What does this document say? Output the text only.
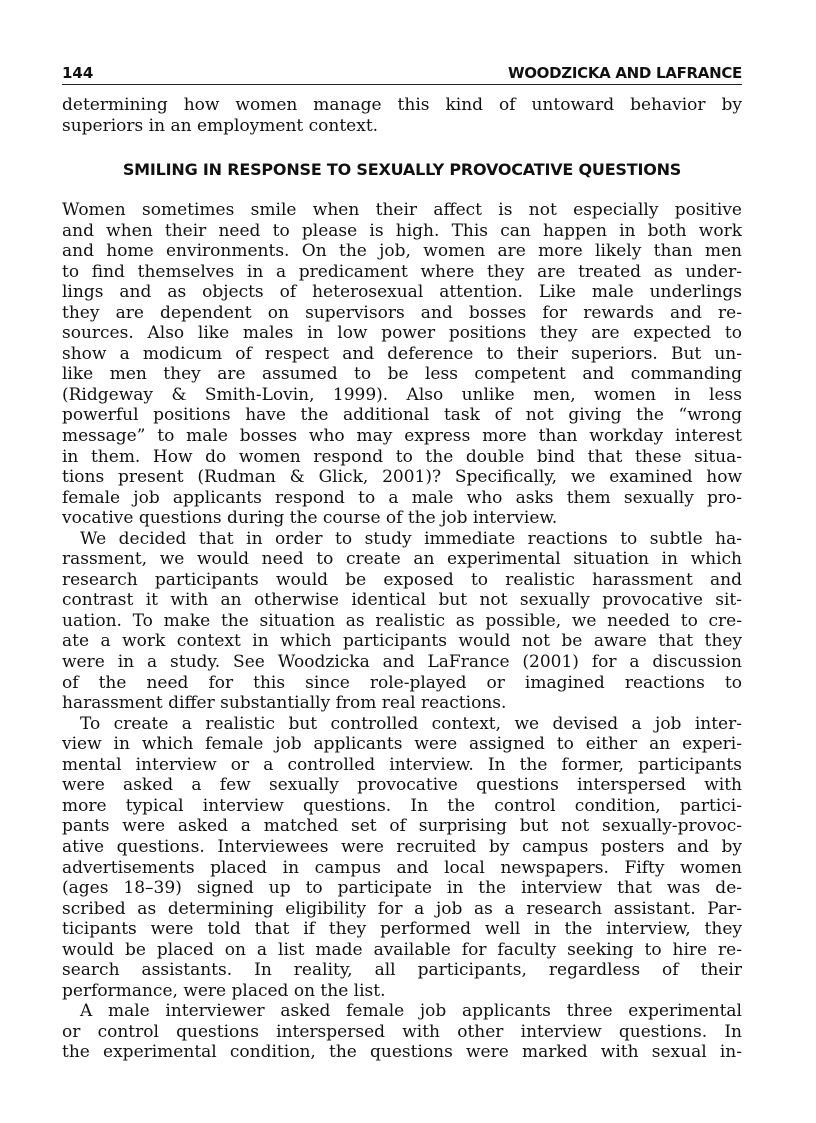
144	WOODZICKA AND LAFRANCE
determining how women manage this kind of untoward behavior by
superiors in an employment context.
SMILING IN RESPONSE TO SEXUALLY PROVOCATIVE QUESTIONS
Women sometimes smile when their affect is not especially positive
and when their need to please is high. This can happen in both work
and home environments. On the job, women are more likely than men
to find themselves in a predicament where they are treated as under-
lings and as objects of heterosexual attention. Like male underlings
they are dependent on supervisors and bosses for rewards and re-
sources. Also like males in low power positions they are expected to
show a modicum of respect and deference to their superiors. But un-
like men they are assumed to be less competent and commanding
(Ridgeway & Smith-Lovin, 1999). Also unlike men, women in less
powerful positions have the additional task of not giving the “wrong
message” to male bosses who may express more than workday interest
in them. How do women respond to the double bind that these situa-
tions present (Rudman & Glick, 2001)? Specifically, we examined how
female job applicants respond to a male who asks them sexually pro-
vocative questions during the course of the job interview.
We decided that in order to study immediate reactions to subtle ha-
rassment, we would need to create an experimental situation in which
research participants would be exposed to realistic harassment and
contrast it with an otherwise identical but not sexually provocative sit-
uation. To make the situation as realistic as possible, we needed to cre-
ate a work context in which participants would not be aware that they
were in a study. See Woodzicka and LaFrance (2001) for a discussion
of the need for this since role-played or imagined reactions to
harassment differ substantially from real reactions.
To create a realistic but controlled context, we devised a job inter-
view in which female job applicants were assigned to either an experi-
mental interview or a controlled interview. In the former, participants
were asked a few sexually provocative questions interspersed with
more typical interview questions. In the control condition, partici-
pants were asked a matched set of surprising but not sexually-provoc-
ative questions. Interviewees were recruited by campus posters and by
advertisements placed in campus and local newspapers. Fifty women
(ages 18–39) signed up to participate in the interview that was de-
scribed as determining eligibility for a job as a research assistant. Par-
ticipants were told that if they performed well in the interview, they
would be placed on a list made available for faculty seeking to hire re-
search assistants. In reality, all participants, regardless of their
performance, were placed on the list.
A male interviewer asked female job applicants three experimental
or control questions interspersed with other interview questions. In
the experimental condition, the questions were marked with sexual in-
